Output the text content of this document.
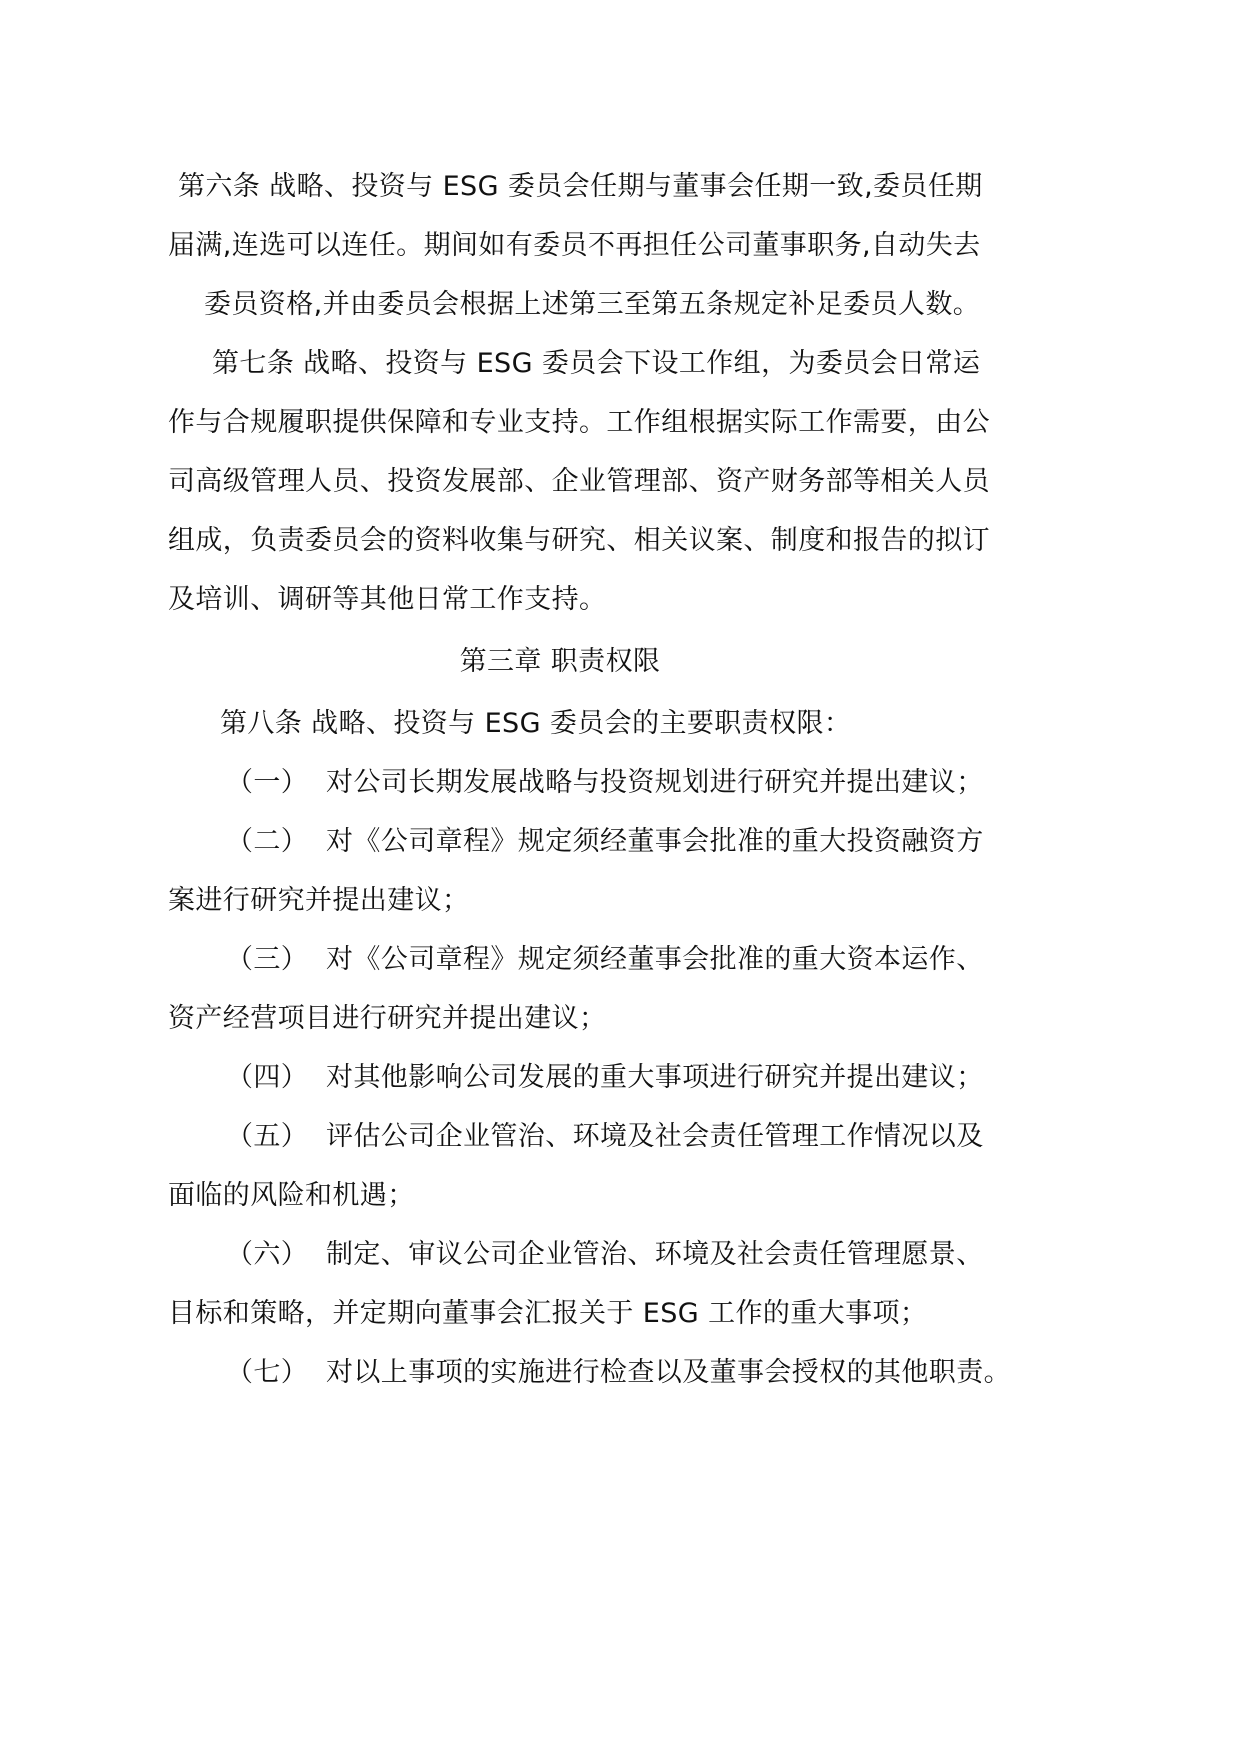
第六条 战略、投资与 ESG 委员会任期与董事会任期一致,委员任期
届满,连选可以连任。期间如有委员不再担任公司董事职务,自动失去
委员资格,并由委员会根据上述第三至第五条规定补足委员人数。
第七条 战略、投资与 ESG 委员会下设工作组，为委员会日常运
作与合规履职提供保障和专业支持。工作组根据实际工作需要，由公
司高级管理人员、投资发展部、企业管理部、资产财务部等相关人员
组成，负责委员会的资料收集与研究、相关议案、制度和报告的拟订
及培训、调研等其他日常工作支持。
第三章 职责权限
第八条 战略、投资与 ESG 委员会的主要职责权限：
（一） 对公司长期发展战略与投资规划进行研究并提出建议；
（二） 对《公司章程》规定须经董事会批准的重大投资融资方
案进行研究并提出建议；
（三） 对《公司章程》规定须经董事会批准的重大资本运作、
资产经营项目进行研究并提出建议；
（四） 对其他影响公司发展的重大事项进行研究并提出建议；
（五） 评估公司企业管治、环境及社会责任管理工作情况以及
面临的风险和机遇；
（六） 制定、审议公司企业管治、环境及社会责任管理愿景、
目标和策略，并定期向董事会汇报关于 ESG 工作的重大事项；
（七） 对以上事项的实施进行检查以及董事会授权的其他职责。
